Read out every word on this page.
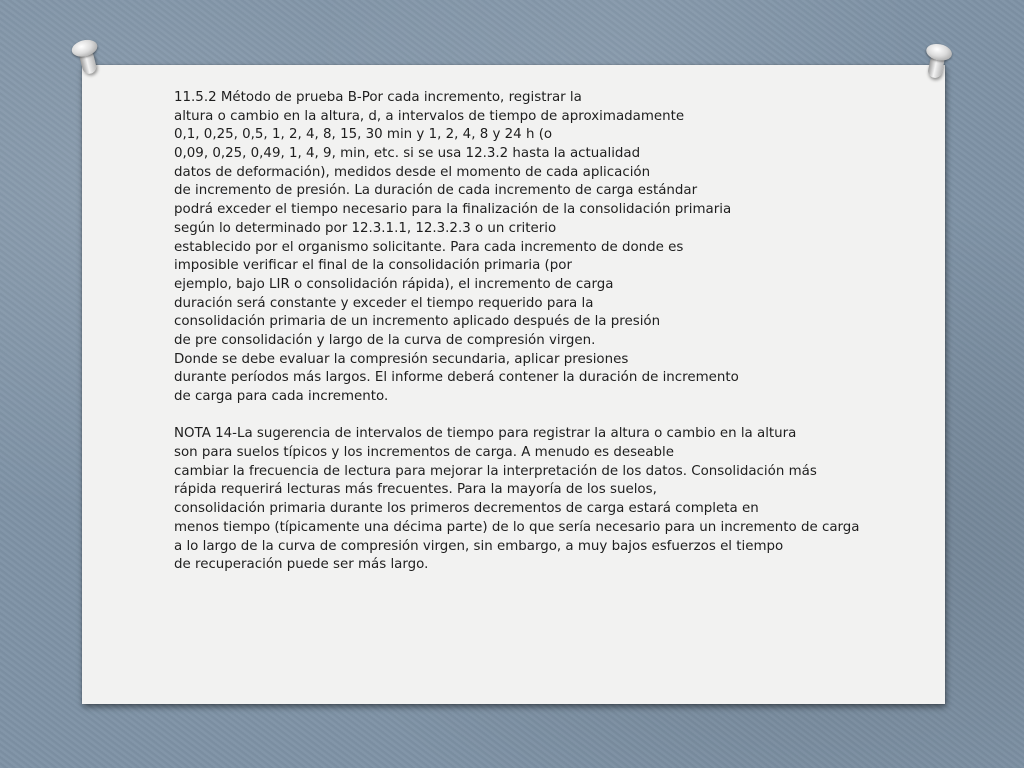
11.5.2 Método de prueba B-Por cada incremento, registrar la
altura o cambio en la altura, d, a intervalos de tiempo de aproximadamente
0,1, 0,25, 0,5, 1, 2, 4, 8, 15, 30 min y 1, 2, 4, 8 y 24 h (o
0,09, 0,25, 0,49, 1, 4, 9, min, etc. si se usa 12.3.2 hasta la actualidad
datos de deformación), medidos desde el momento de cada aplicación
de incremento de presión. La duración de cada incremento de carga estándar
podrá exceder el tiempo necesario para la finalización de la consolidación primaria
según lo determinado por 12.3.1.1, 12.3.2.3 o un criterio
establecido por el organismo solicitante. Para cada incremento de donde es
imposible verificar el final de la consolidación primaria (por
ejemplo, bajo LIR o consolidación rápida), el incremento de carga
duración será constante y exceder el tiempo requerido para la
consolidación primaria de un incremento aplicado después de la presión
de pre consolidación y largo de la curva de compresión virgen.
Donde se debe evaluar la compresión secundaria, aplicar presiones
durante períodos más largos. El informe deberá contener la duración de incremento
de carga para cada incremento.
NOTA 14-La sugerencia de intervalos de tiempo para registrar la altura o cambio en la altura
son para suelos típicos y los incrementos de carga. A menudo es deseable
cambiar la frecuencia de lectura para mejorar la interpretación de los datos. Consolidación más
rápida requerirá lecturas más frecuentes. Para la mayoría de los suelos,
consolidación primaria durante los primeros decrementos de carga estará completa en
menos tiempo (típicamente una décima parte) de lo que sería necesario para un incremento de carga
a lo largo de la curva de compresión virgen, sin embargo, a muy bajos esfuerzos el tiempo
de recuperación puede ser más largo.
